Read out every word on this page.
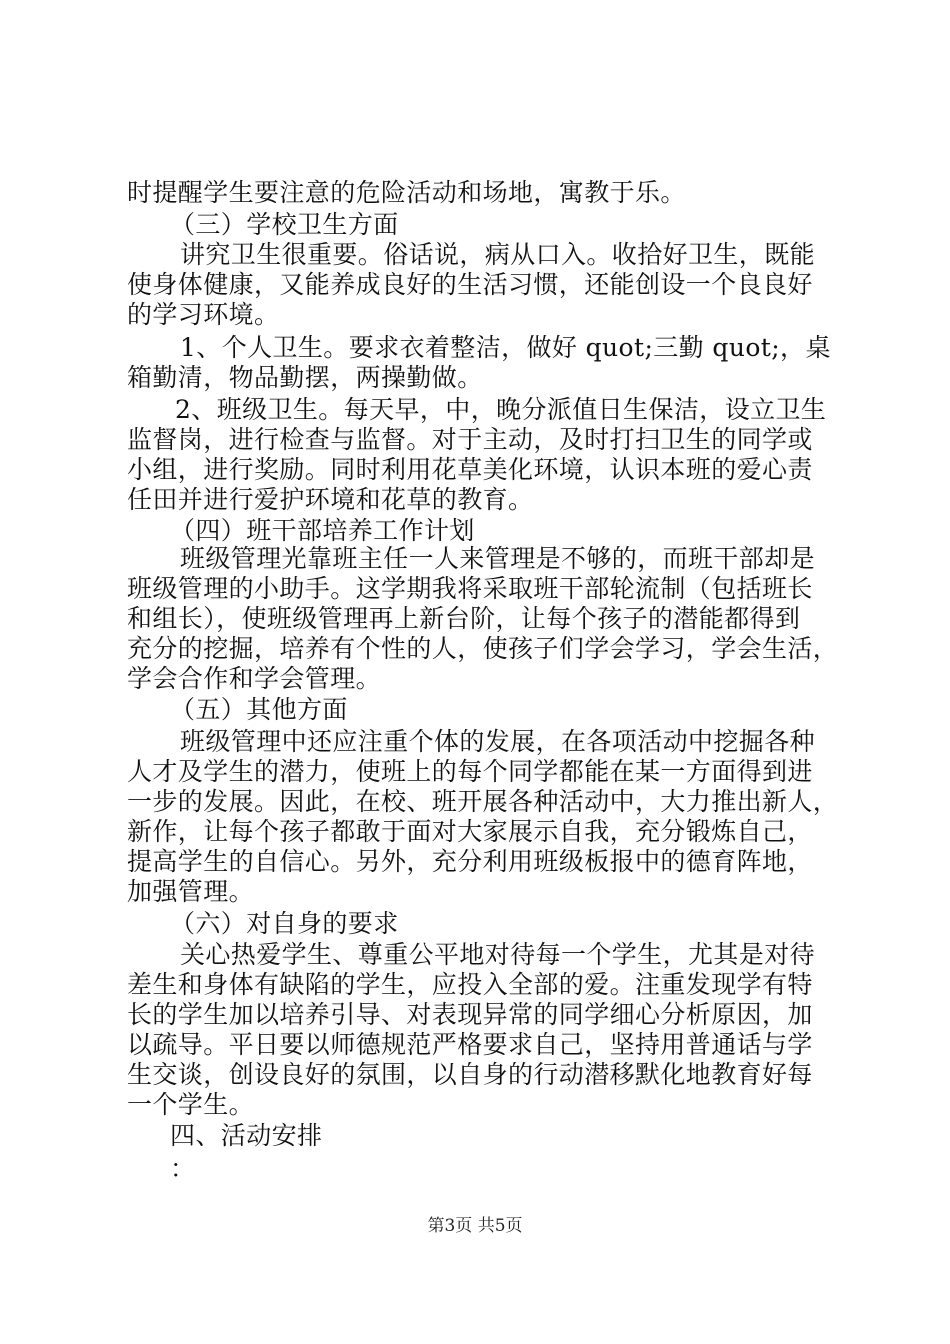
时提醒学生要注意的危险活动和场地，寓教于乐。
（三）学校卫生方面
讲究卫生很重要。俗话说，病从口入。收拾好卫生，既能
使身体健康，又能养成良好的生活习惯，还能创设一个良良好
的学习环境。
1、个人卫生。要求衣着整洁，做好 quot;三勤 quot;，桌
箱勤清，物品勤摆，两操勤做。
2、班级卫生。每天早，中，晚分派值日生保洁，设立卫生
监督岗，进行检查与监督。对于主动，及时打扫卫生的同学或
小组，进行奖励。同时利用花草美化环境，认识本班的爱心责
任田并进行爱护环境和花草的教育。
（四）班干部培养工作计划
班级管理光靠班主任一人来管理是不够的，而班干部却是
班级管理的小助手。这学期我将采取班干部轮流制（包括班长
和组长），使班级管理再上新台阶，让每个孩子的潜能都得到
充分的挖掘，培养有个性的人，使孩子们学会学习，学会生活，
学会合作和学会管理。
（五）其他方面
班级管理中还应注重个体的发展，在各项活动中挖掘各种
人才及学生的潜力，使班上的每个同学都能在某一方面得到进
一步的发展。因此，在校、班开展各种活动中，大力推出新人，
新作，让每个孩子都敢于面对大家展示自我，充分锻炼自己，
提高学生的自信心。另外，充分利用班级板报中的德育阵地，
加强管理。
（六）对自身的要求
关心热爱学生、尊重公平地对待每一个学生，尤其是对待
差生和身体有缺陷的学生，应投入全部的爱。注重发现学有特
长的学生加以培养引导、对表现异常的同学细心分析原因，加
以疏导。平日要以师德规范严格要求自己，坚持用普通话与学
生交谈，创设良好的氛围，以自身的行动潜移默化地教育好每
一个学生。
四、活动安排
：
第3页 共5页
